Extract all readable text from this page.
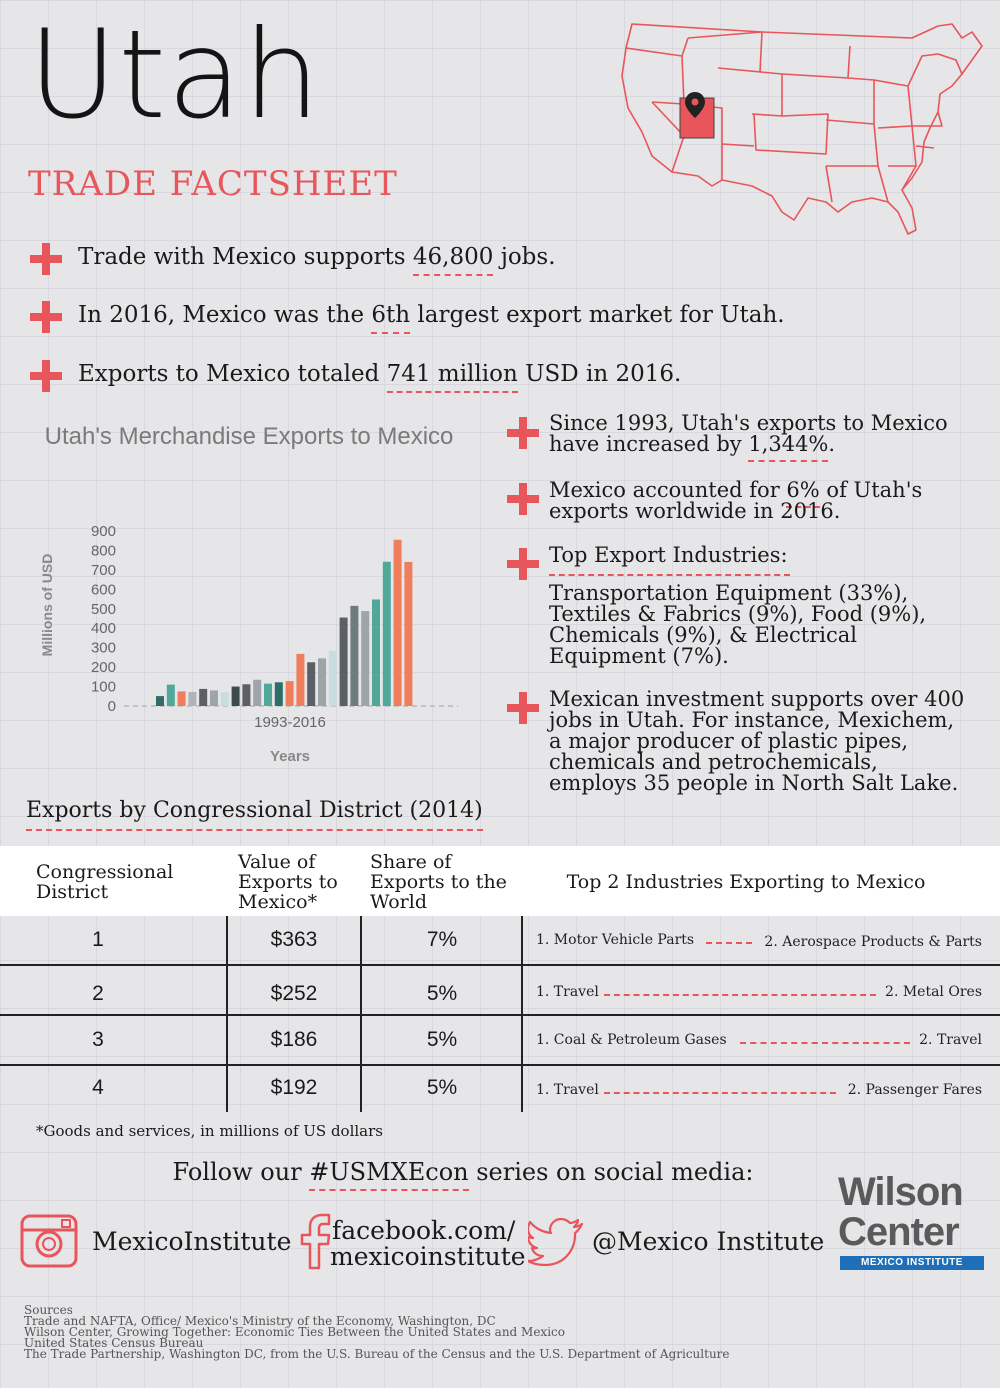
Utah
TRADE FACTSHEET
Trade with Mexico supports 46,800 jobs.
In 2016, Mexico was the 6th largest export market for Utah.
Exports to Mexico totaled 741 million USD in 2016.
Utah's Merchandise Exports to Mexico
0
100
200
300
400
500
600
700
800
900
1993-2016
Years
Millions of USD
Since 1993, Utah's exports to Mexico have increased by 1,344%.
Mexico accounted for 6% of Utah's exports worldwide in 2016.
Top Export Industries:
Transportation Equipment (33%), Textiles & Fabrics (9%), Food (9%), Chemicals (9%), & Electrical Equipment (7%).
Mexican investment supports over 400 jobs in Utah. For instance, Mexichem, a major producer of plastic pipes, chemicals and petrochemicals, employs 35 people in North Salt Lake.
Exports by Congressional District (2014)
Congressional District
Value of Exports to Mexico*
Share of Exports to the World
Top 2 Industries Exporting to Mexico
1	$363	7%	1. Motor Vehicle Parts	2. Aerospace Products & Parts
2	$252	5%	1. Travel	2. Metal Ores
3	$186	5%	1. Coal & Petroleum Gases	2. Travel
4	$192	5%	1. Travel	2. Passenger Fares
*Goods and services, in millions of US dollars
Follow our #USMXEcon series on social media:
MexicoInstitute facebook.com/
mexicoinstitute
@Mexico Institute
Wilson
Center
MEXICO INSTITUTE
Sources
Trade and NAFTA, Office/ Mexico's Ministry of the Economy, Washington, DC
Wilson Center, Growing Together: Economic Ties Between the United States and Mexico
United States Census Bureau
The Trade Partnership, Washington DC, from the U.S. Bureau of the Census and the U.S. Department of Agriculture
